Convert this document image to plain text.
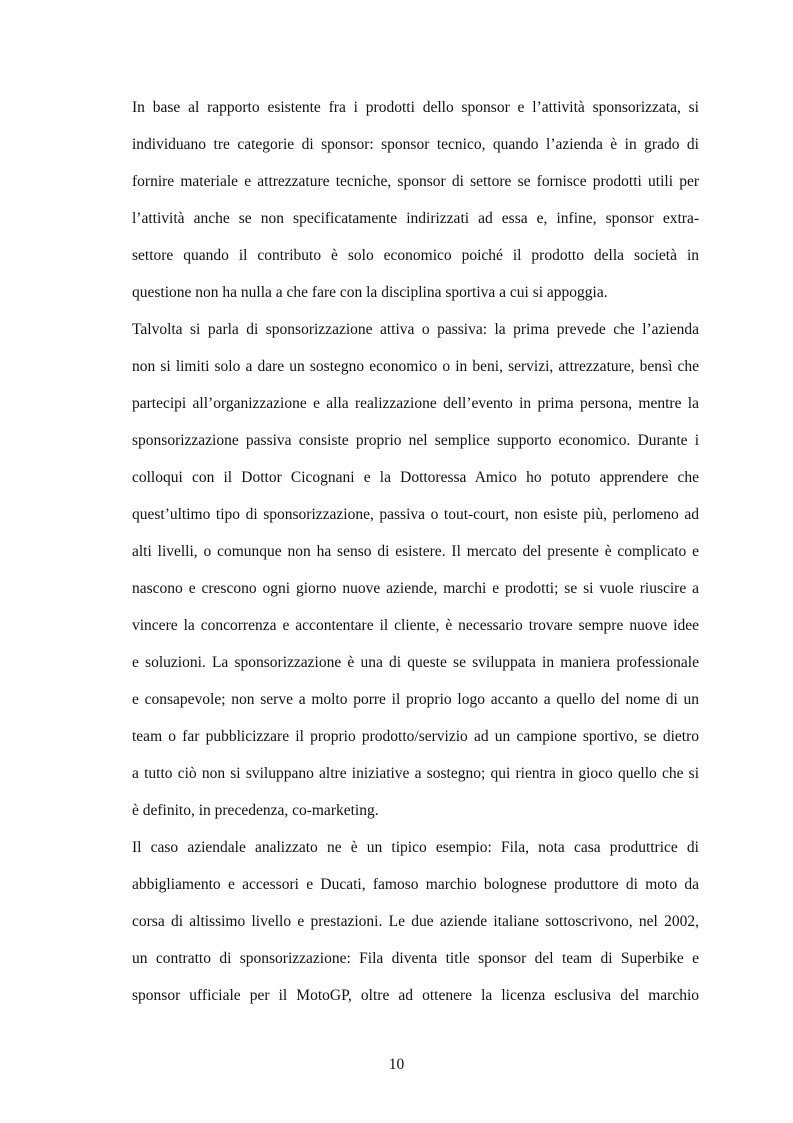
In base al rapporto esistente fra i prodotti dello sponsor e l’attività sponsorizzata, si
individuano tre categorie di sponsor: sponsor tecnico, quando l’azienda è in grado di
fornire materiale e attrezzature tecniche, sponsor di settore se fornisce prodotti utili per
l’attività anche se non specificatamente indirizzati ad essa e, infine, sponsor extra-
settore quando il contributo è solo economico poiché il prodotto della società in
questione non ha nulla a che fare con la disciplina sportiva a cui si appoggia.
Talvolta si parla di sponsorizzazione attiva o passiva: la prima prevede che l’azienda
non si limiti solo a dare un sostegno economico o in beni, servizi, attrezzature, bensì che
partecipi all’organizzazione e alla realizzazione dell’evento in prima persona, mentre la
sponsorizzazione passiva consiste proprio nel semplice supporto economico. Durante i
colloqui con il Dottor Cicognani e la Dottoressa Amico ho potuto apprendere che
quest’ultimo tipo di sponsorizzazione, passiva o tout-court, non esiste più, perlomeno ad
alti livelli, o comunque non ha senso di esistere. Il mercato del presente è complicato e
nascono e crescono ogni giorno nuove aziende, marchi e prodotti; se si vuole riuscire a
vincere la concorrenza e accontentare il cliente, è necessario trovare sempre nuove idee
e soluzioni. La sponsorizzazione è una di queste se sviluppata in maniera professionale
e consapevole; non serve a molto porre il proprio logo accanto a quello del nome di un
team o far pubblicizzare il proprio prodotto/servizio ad un campione sportivo, se dietro
a tutto ciò non si sviluppano altre iniziative a sostegno; qui rientra in gioco quello che si
è definito, in precedenza, co-marketing.
Il caso aziendale analizzato ne è un tipico esempio: Fila, nota casa produttrice di
abbigliamento e accessori e Ducati, famoso marchio bolognese produttore di moto da
corsa di altissimo livello e prestazioni. Le due aziende italiane sottoscrivono, nel 2002,
un contratto di sponsorizzazione: Fila diventa title sponsor del team di Superbike e
sponsor ufficiale per il MotoGP, oltre ad ottenere la licenza esclusiva del marchio
10
